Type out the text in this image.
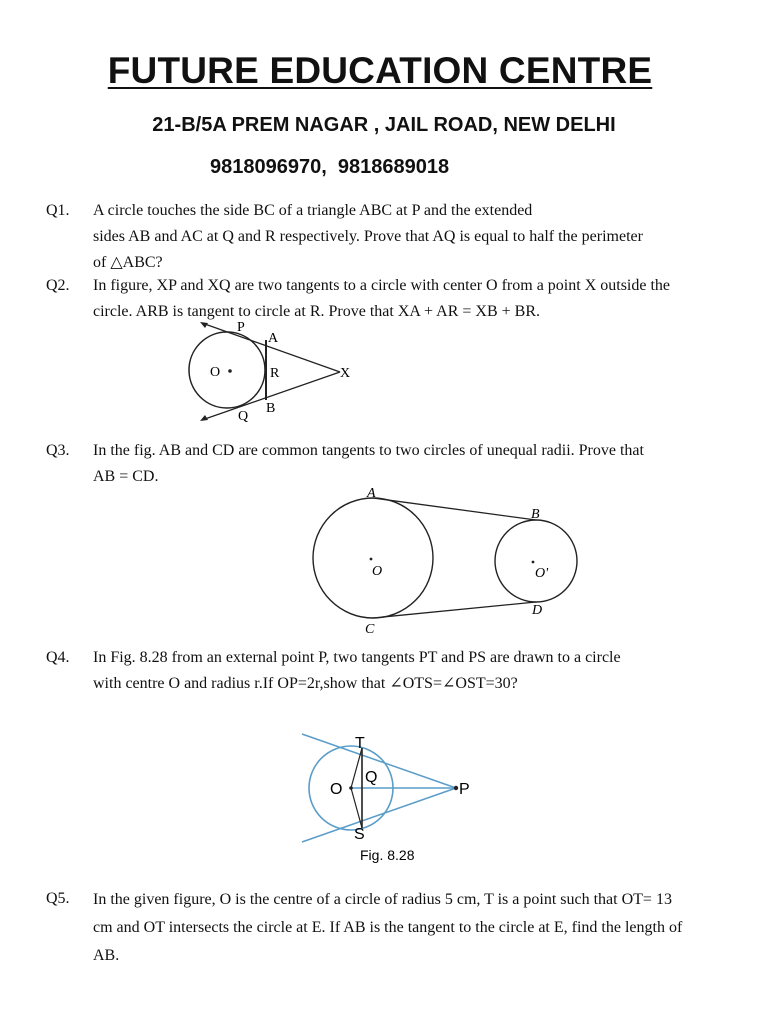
FUTURE EDUCATION CENTRE
21-B/5A PREM NAGAR , JAIL ROAD, NEW DELHI
9818096970,  9818689018
Q1. A circle touches the side BC of a triangle ABC at P and the extended
sides AB and AC at Q and R respectively. Prove that AQ is equal to half the perimeter
of △ABC?
Q2. In figure, XP and XQ are two tangents to a circle with center O from a point X outside the
circle. ARB is tangent to circle at R. Prove that XA + AR = XB + BR.
P
A
O	R	X
Q
B
Q3. In the fig. AB and CD are common tangents to two circles of unequal radii. Prove that
AB = CD.
A
B
O	O'
C
D
Q4. In Fig. 8.28 from an external point P, two tangents PT and PS are drawn to a circle
with centre O and radius r.If OP=2r,show that ∠OTS=∠OST=30?
T
O
Q
P
S
Fig. 8.28
Q5. In the given figure, O is the centre of a circle of radius 5 cm, T is a point such that OT= 13
cm and OT intersects the circle at E. If AB is the tangent to the circle at E, find the length of
AB.
